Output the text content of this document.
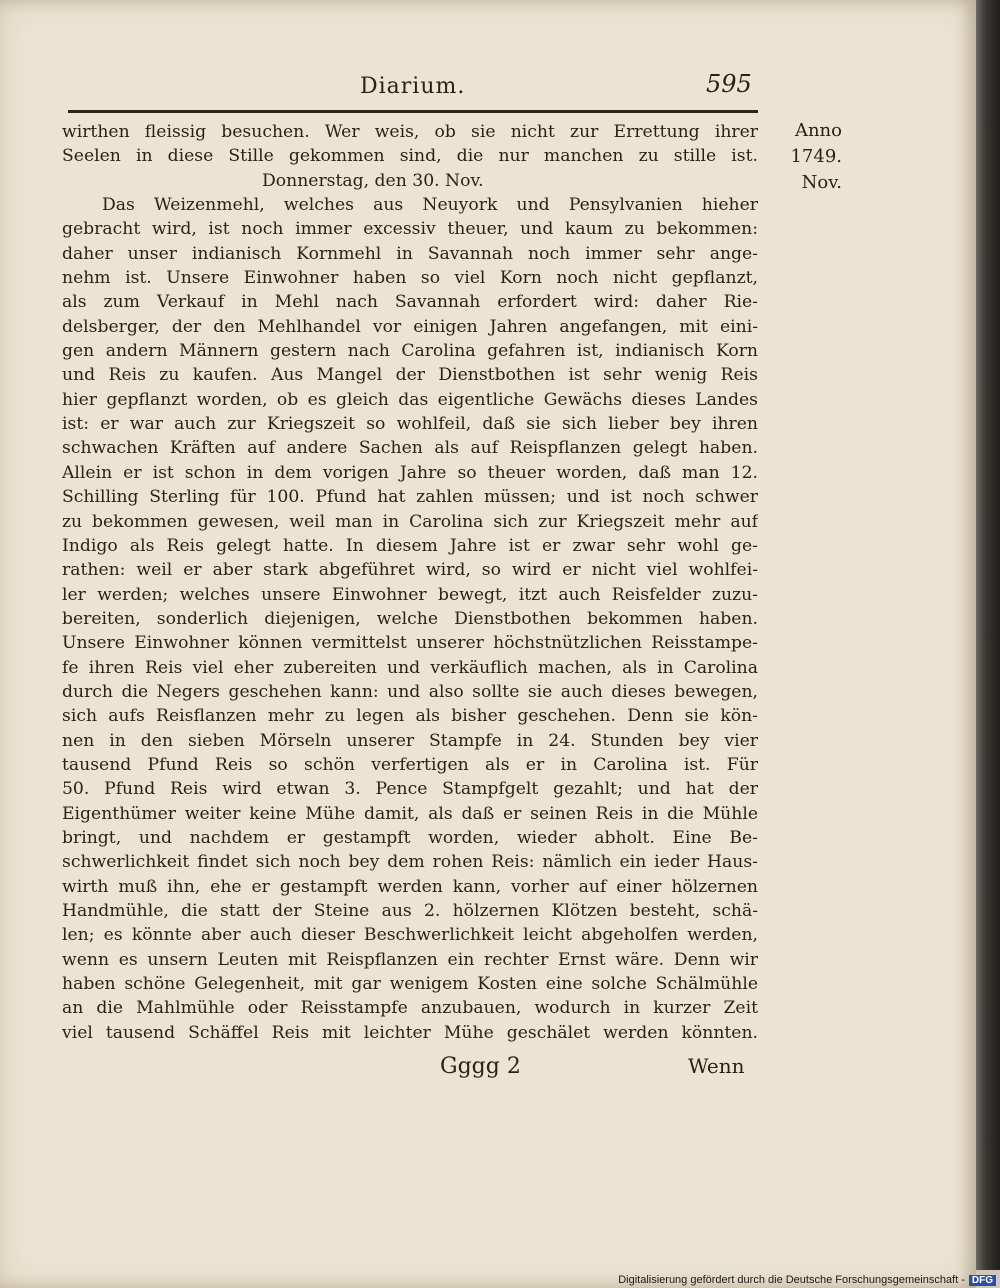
Diarium.	595
Anno
1749.
Nov.
wirthen fleissig besuchen. Wer weis, ob sie nicht zur Errettung ihrer
Seelen in diese Stille gekommen sind, die nur manchen zu stille ist.
Donnerstag, den 30. Nov.
Das Weizenmehl, welches aus Neuyork und Pensylvanien hieher
gebracht wird, ist noch immer excessiv theuer, und kaum zu bekommen:
daher unser indianisch Kornmehl in Savannah noch immer sehr ange-
nehm ist. Unsere Einwohner haben so viel Korn noch nicht gepflanzt,
als zum Verkauf in Mehl nach Savannah erfordert wird: daher Rie-
delsberger, der den Mehlhandel vor einigen Jahren angefangen, mit eini-
gen andern Männern gestern nach Carolina gefahren ist, indianisch Korn
und Reis zu kaufen. Aus Mangel der Dienstbothen ist sehr wenig Reis
hier gepflanzt worden, ob es gleich das eigentliche Gewächs dieses Landes
ist: er war auch zur Kriegszeit so wohlfeil, daß sie sich lieber bey ihren
schwachen Kräften auf andere Sachen als auf Reispflanzen gelegt haben.
Allein er ist schon in dem vorigen Jahre so theuer worden, daß man 12.
Schilling Sterling für 100. Pfund hat zahlen müssen; und ist noch schwer
zu bekommen gewesen, weil man in Carolina sich zur Kriegszeit mehr auf
Indigo als Reis gelegt hatte. In diesem Jahre ist er zwar sehr wohl ge-
rathen: weil er aber stark abgeführet wird, so wird er nicht viel wohlfei-
ler werden; welches unsere Einwohner bewegt, itzt auch Reisfelder zuzu-
bereiten, sonderlich diejenigen, welche Dienstbothen bekommen haben.
Unsere Einwohner können vermittelst unserer höchstnützlichen Reisstampe-
fe ihren Reis viel eher zubereiten und verkäuflich machen, als in Carolina
durch die Negers geschehen kann: und also sollte sie auch dieses bewegen,
sich aufs Reisflanzen mehr zu legen als bisher geschehen. Denn sie kön-
nen in den sieben Mörseln unserer Stampfe in 24. Stunden bey vier
tausend Pfund Reis so schön verfertigen als er in Carolina ist. Für
50. Pfund Reis wird etwan 3. Pence Stampfgelt gezahlt; und hat der
Eigenthümer weiter keine Mühe damit, als daß er seinen Reis in die Mühle
bringt, und nachdem er gestampft worden, wieder abholt. Eine Be-
schwerlichkeit findet sich noch bey dem rohen Reis: nämlich ein ieder Haus-
wirth muß ihn, ehe er gestampft werden kann, vorher auf einer hölzernen
Handmühle, die statt der Steine aus 2. hölzernen Klötzen besteht, schä-
len; es könnte aber auch dieser Beschwerlichkeit leicht abgeholfen werden,
wenn es unsern Leuten mit Reispflanzen ein rechter Ernst wäre. Denn wir
haben schöne Gelegenheit, mit gar wenigem Kosten eine solche Schälmühle
an die Mahlmühle oder Reisstampfe anzubauen, wodurch in kurzer Zeit
viel tausend Schäffel Reis mit leichter Mühe geschälet werden könnten.
Gggg 2	Wenn
Digitalisierung gefördert durch die Deutsche Forschungsgemeinschaft - DFG
